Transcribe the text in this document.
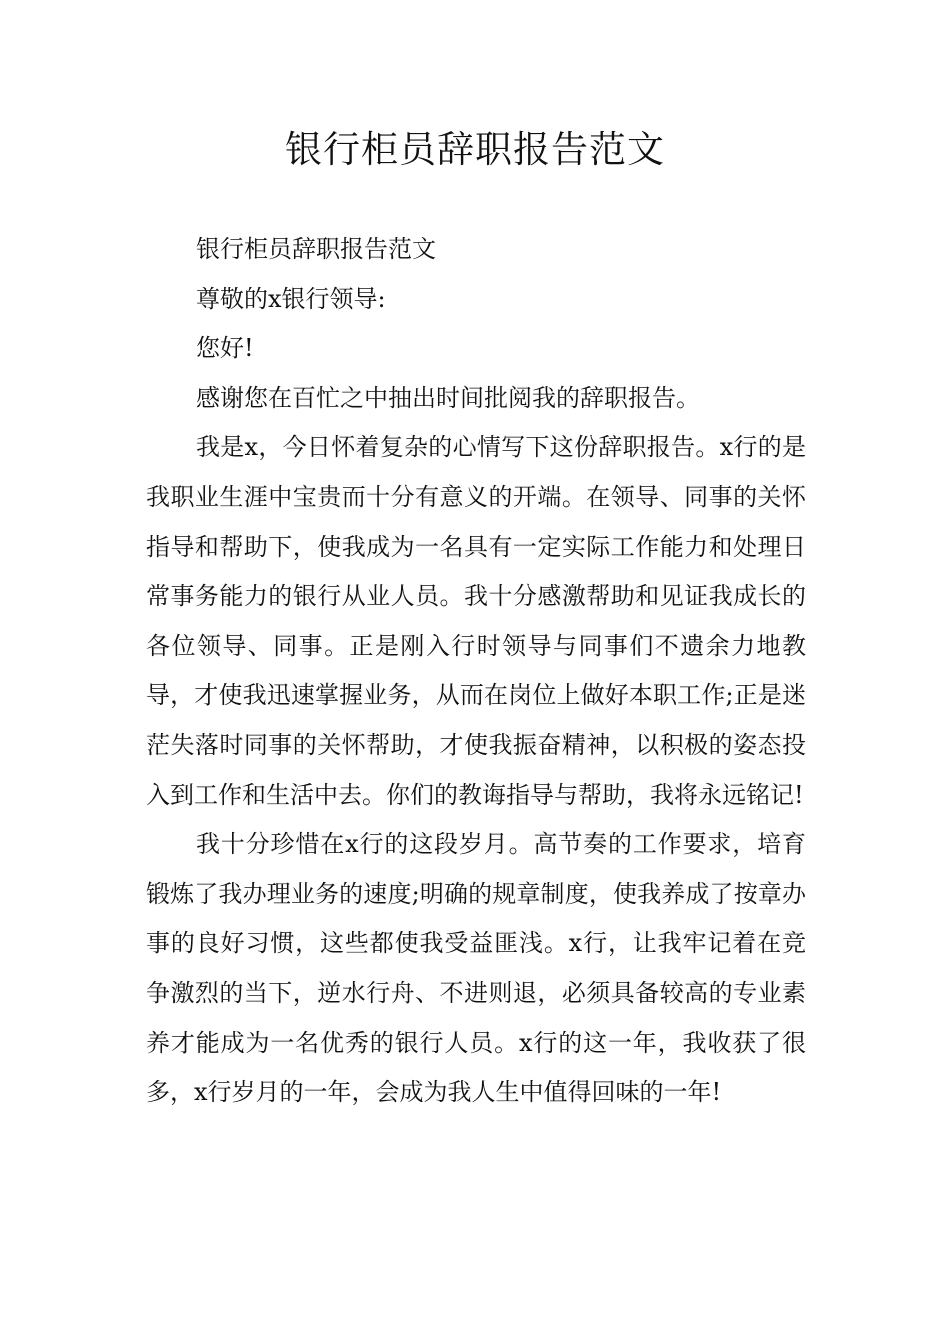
银行柜员辞职报告范文

银行柜员辞职报告范文

尊敬的x银行领导:

您好!

感谢您在百忙之中抽出时间批阅我的辞职报告。

我是x，今日怀着复杂的心情写下这份辞职报告。x行的是我职业生涯中宝贵而十分有意义的开端。在领导、同事的关怀指导和帮助下，使我成为一名具有一定实际工作能力和处理日常事务能力的银行从业人员。我十分感激帮助和见证我成长的各位领导、同事。正是刚入行时领导与同事们不遗余力地教导，才使我迅速掌握业务，从而在岗位上做好本职工作;正是迷茫失落时同事的关怀帮助，才使我振奋精神，以积极的姿态投入到工作和生活中去。你们的教诲指导与帮助，我将永远铭记!

我十分珍惜在x行的这段岁月。高节奏的工作要求，培育锻炼了我办理业务的速度;明确的规章制度，使我养成了按章办事的良好习惯，这些都使我受益匪浅。x行，让我牢记着在竞争激烈的当下，逆水行舟、不进则退，必须具备较高的专业素养才能成为一名优秀的银行人员。x行的这一年，我收获了很多，x行岁月的一年，会成为我人生中值得回味的一年!
